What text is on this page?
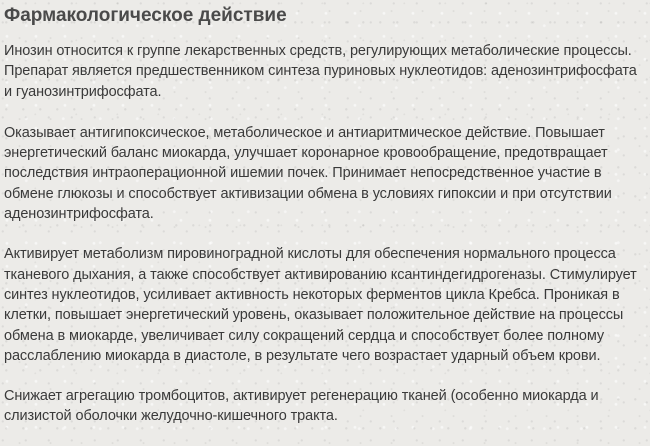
Фармакологическое действие

Инозин относится к группе лекарственных средств, регулирующих метаболические процессы. Препарат является предшественником синтеза пуриновых нуклеотидов: аденозинтрифосфата и гуанозинтрифосфата.

Оказывает антигипоксическое, метаболическое и антиаритмическое действие. Повышает энергетический баланс миокарда, улучшает коронарное кровообращение, предотвращает последствия интраоперационной ишемии почек. Принимает непосредственное участие в обмене глюкозы и способствует активизации обмена в условиях гипоксии и при отсутствии аденозинтрифосфата.

Активирует метаболизм пировиноградной кислоты для обеспечения нормального процесса тканевого дыхания, а также способствует активированию ксантиндегидрогеназы. Стимулирует синтез нуклеотидов, усиливает активность некоторых ферментов цикла Кребса. Проникая в клетки, повышает энергетический уровень, оказывает положительное действие на процессы обмена в миокарде, увеличивает силу сокращений сердца и способствует более полному расслаблению миокарда в диастоле, в результате чего возрастает ударный объем крови.

Снижает агрегацию тромбоцитов, активирует регенерацию тканей (особенно миокарда и слизистой оболочки желудочно-кишечного тракта.
